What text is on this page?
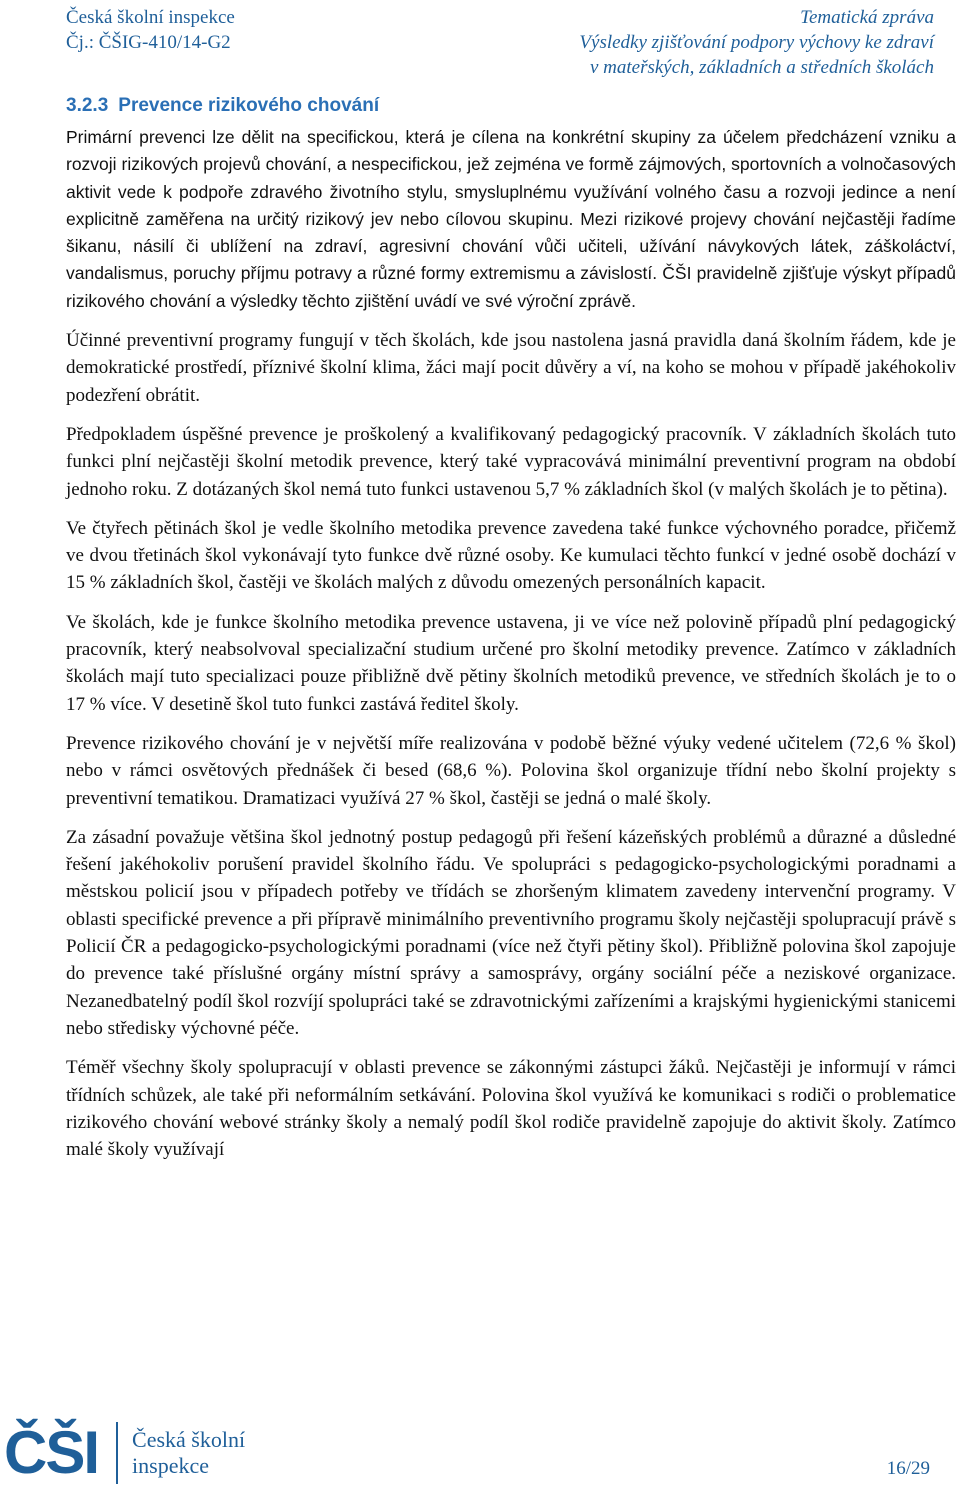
Česká školní inspekce
Čj.: ČŠIG-410/14-G2
Tematická zpráva
Výsledky zjišťování podpory výchovy ke zdraví
v mateřských, základních a středních školách
3.2.3 Prevence rizikového chování

Primární prevenci lze dělit na specifickou, která je cílena na konkrétní skupiny za účelem předcházení vzniku a rozvoji rizikových projevů chování, a nespecifickou, jež zejména ve formě zájmových, sportovních a volnočasových aktivit vede k podpoře zdravého životního stylu, smysluplnému využívání volného času a rozvoji jedince a není explicitně zaměřena na určitý rizikový jev nebo cílovou skupinu. Mezi rizikové projevy chování nejčastěji řadíme šikanu, násilí či ublížení na zdraví, agresivní chování vůči učiteli, užívání návykových látek, záškoláctví, vandalismus, poruchy příjmu potravy a různé formy extremismu a závislostí. ČŠI pravidelně zjišťuje výskyt případů rizikového chování a výsledky těchto zjištění uvádí ve své výroční zprávě.

Účinné preventivní programy fungují v těch školách, kde jsou nastolena jasná pravidla daná školním řádem, kde je demokratické prostředí, příznivé školní klima, žáci mají pocit důvěry a ví, na koho se mohou v případě jakéhokoliv podezření obrátit.

Předpokladem úspěšné prevence je proškolený a kvalifikovaný pedagogický pracovník. V základních školách tuto funkci plní nejčastěji školní metodik prevence, který také vypracovává minimální preventivní program na období jednoho roku. Z dotázaných škol nemá tuto funkci ustavenou 5,7 % základních škol (v malých školách je to pětina).

Ve čtyřech pětinách škol je vedle školního metodika prevence zavedena také funkce výchovného poradce, přičemž ve dvou třetinách škol vykonávají tyto funkce dvě různé osoby. Ke kumulaci těchto funkcí v jedné osobě dochází v 15 % základních škol, častěji ve školách malých z důvodu omezených personálních kapacit.

Ve školách, kde je funkce školního metodika prevence ustavena, ji ve více než polovině případů plní pedagogický pracovník, který neabsolvoval specializační studium určené pro školní metodiky prevence. Zatímco v základních školách mají tuto specializaci pouze přibližně dvě pětiny školních metodiků prevence, ve středních školách je to o 17 % více. V desetině škol tuto funkci zastává ředitel školy.

Prevence rizikového chování je v největší míře realizována v podobě běžné výuky vedené učitelem (72,6 % škol) nebo v rámci osvětových přednášek či besed (68,6 %). Polovina škol organizuje třídní nebo školní projekty s preventivní tematikou. Dramatizaci využívá 27 % škol, častěji se jedná o malé školy.

Za zásadní považuje většina škol jednotný postup pedagogů při řešení kázeňských problémů a důrazné a důsledné řešení jakéhokoliv porušení pravidel školního řádu. Ve spolupráci s pedagogicko-psychologickými poradnami a městskou policií jsou v případech potřeby ve třídách se zhoršeným klimatem zavedeny intervenční programy. V oblasti specifické prevence a při přípravě minimálního preventivního programu školy nejčastěji spolupracují právě s Policií ČR a pedagogicko-psychologickými poradnami (více než čtyři pětiny škol). Přibližně polovina škol zapojuje do prevence také příslušné orgány místní správy a samosprávy, orgány sociální péče a neziskové organizace. Nezanedbatelný podíl škol rozvíjí spolupráci také se zdravotnickými zařízeními a krajskými hygienickými stanicemi nebo středisky výchovné péče.

Téměř všechny školy spolupracují v oblasti prevence se zákonnými zástupci žáků. Nejčastěji je informují v rámci třídních schůzek, ale také při neformálním setkávání. Polovina škol využívá ke komunikaci s rodiči o problematice rizikového chování webové stránky školy a nemalý podíl škol rodiče pravidelně zapojuje do aktivit školy. Zatímco malé školy využívají

ČŠI Česká školní
inspekce	16/29
